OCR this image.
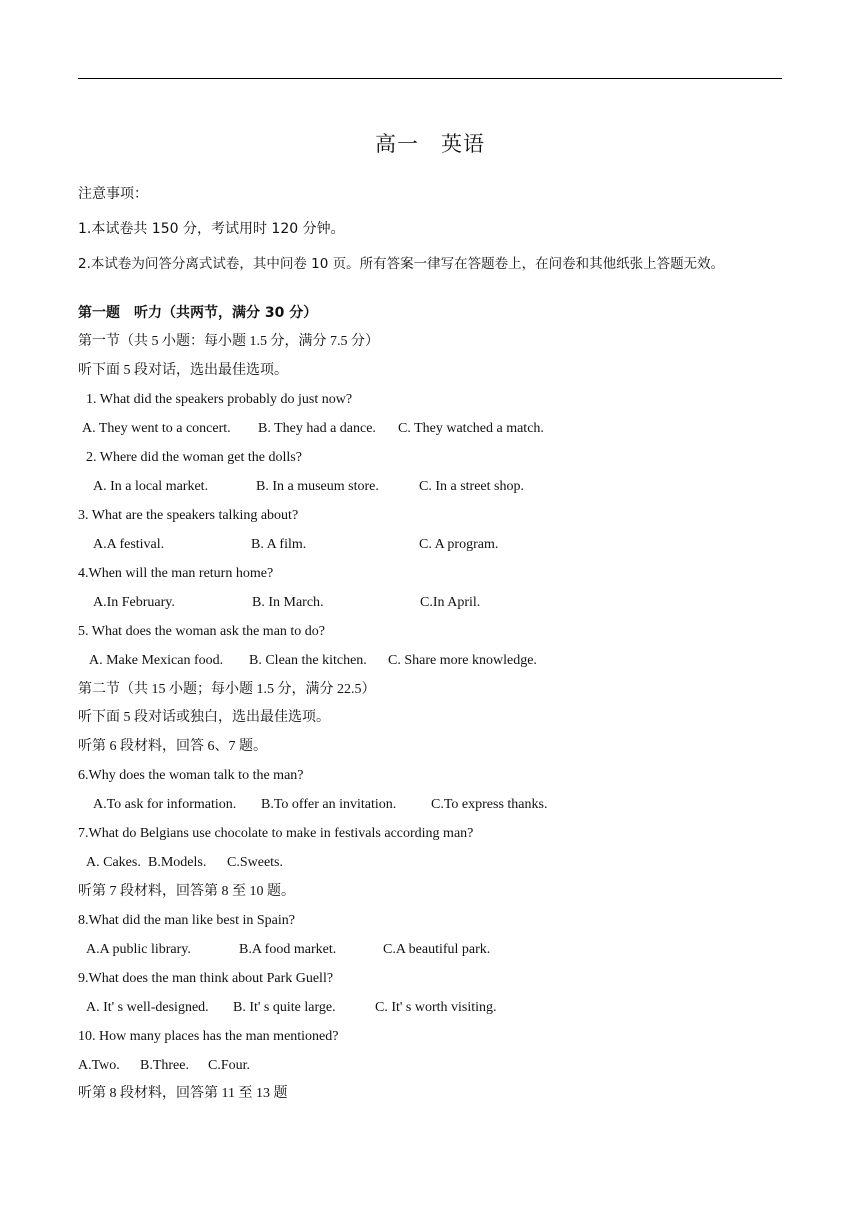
高一　英语
注意事项：
1.本试卷共 150 分，考试用时 120 分钟。
2.本试卷为问答分离式试卷，其中问卷 10 页。所有答案一律写在答题卷上，在问卷和其他纸张上答题无效。
第一题　听力（共两节，满分 30 分）
第一节（共 5 小题：每小题 1.5 分，满分 7.5 分）
听下面 5 段对话，选出最佳选项。
1. What did the speakers probably do just now?
A. They went to a concert. B. They had a dance. C. They watched a match.
2. Where did the woman get the dolls?
A. In a local market.	B. In a museum store.	C. In a street shop.
3. What are the speakers talking about?
A.A festival.	B. A film.	C. A program.
4.When will the man return home?
A.In February.	B. In March.	C.In April.
5. What does the woman ask the man to do?
A. Make Mexican food. B. Clean the kitchen. C. Share more knowledge.
第二节（共 15 小题；每小题 1.5 分，满分 22.5）
听下面 5 段对话或独白，选出最佳选项。
听第 6 段材料，回答 6、7 题。
6.Why does the woman talk to the man?
A.To ask for information. B.To offer an invitation. C.To express thanks.
7.What do Belgians use chocolate to make in festivals according man?
A. Cakes. B.Models. C.Sweets.
听第 7 段材料，回答第 8 至 10 题。
8.What did the man like best in Spain?
A.A public library.	B.A food market.	C.A beautiful park.
9.What does the man think about Park Guell?
A. It' s well-designed. B. It' s quite large.	C. It' s worth visiting.
10. How many places has the man mentioned?
A.Two. B.Three. C.Four.
听第 8 段材料，回答第 11 至 13 题
